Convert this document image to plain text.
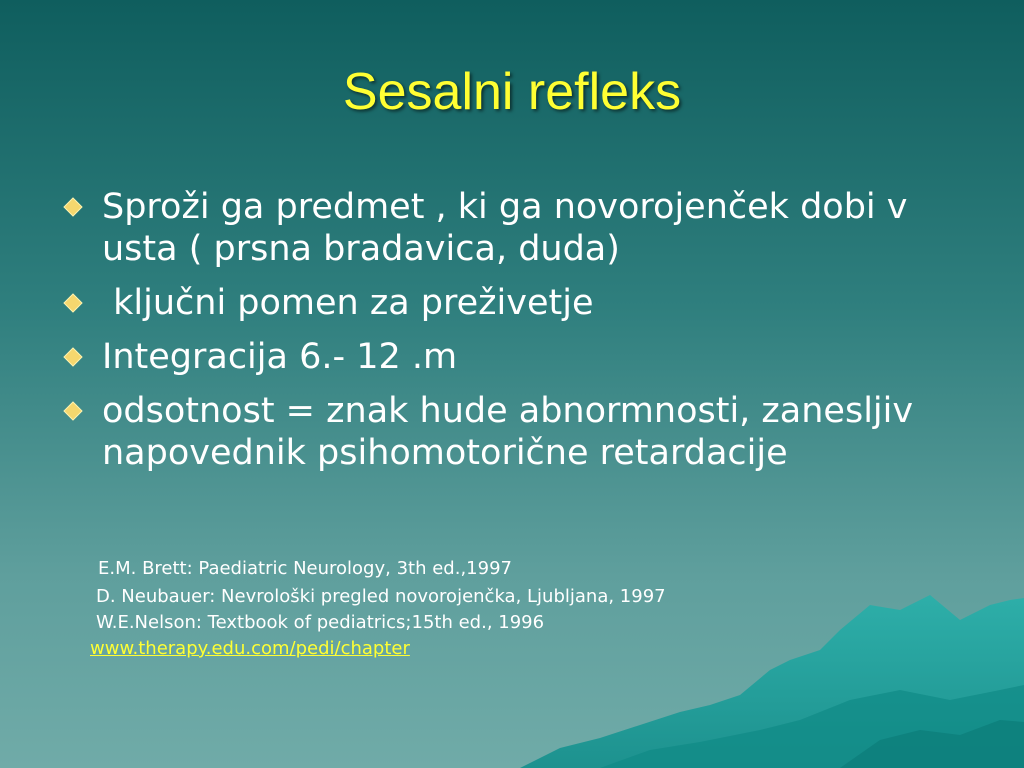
Sesalni refleks
Sproži ga predmet , ki ga novorojenček dobi v usta ( prsna bradavica, duda)
ključni pomen za preživetje
Integracija 6.- 12 .m
odsotnost = znak hude abnormnosti, zanesljiv napovednik psihomotorične retardacije
E.M. Brett: Paediatric Neurology, 3th ed.,1997
D. Neubauer: Nevrološki pregled novorojenčka, Ljubljana, 1997
W.E.Nelson: Textbook of pediatrics;15th ed., 1996
www.therapy.edu.com/pedi/chapter
